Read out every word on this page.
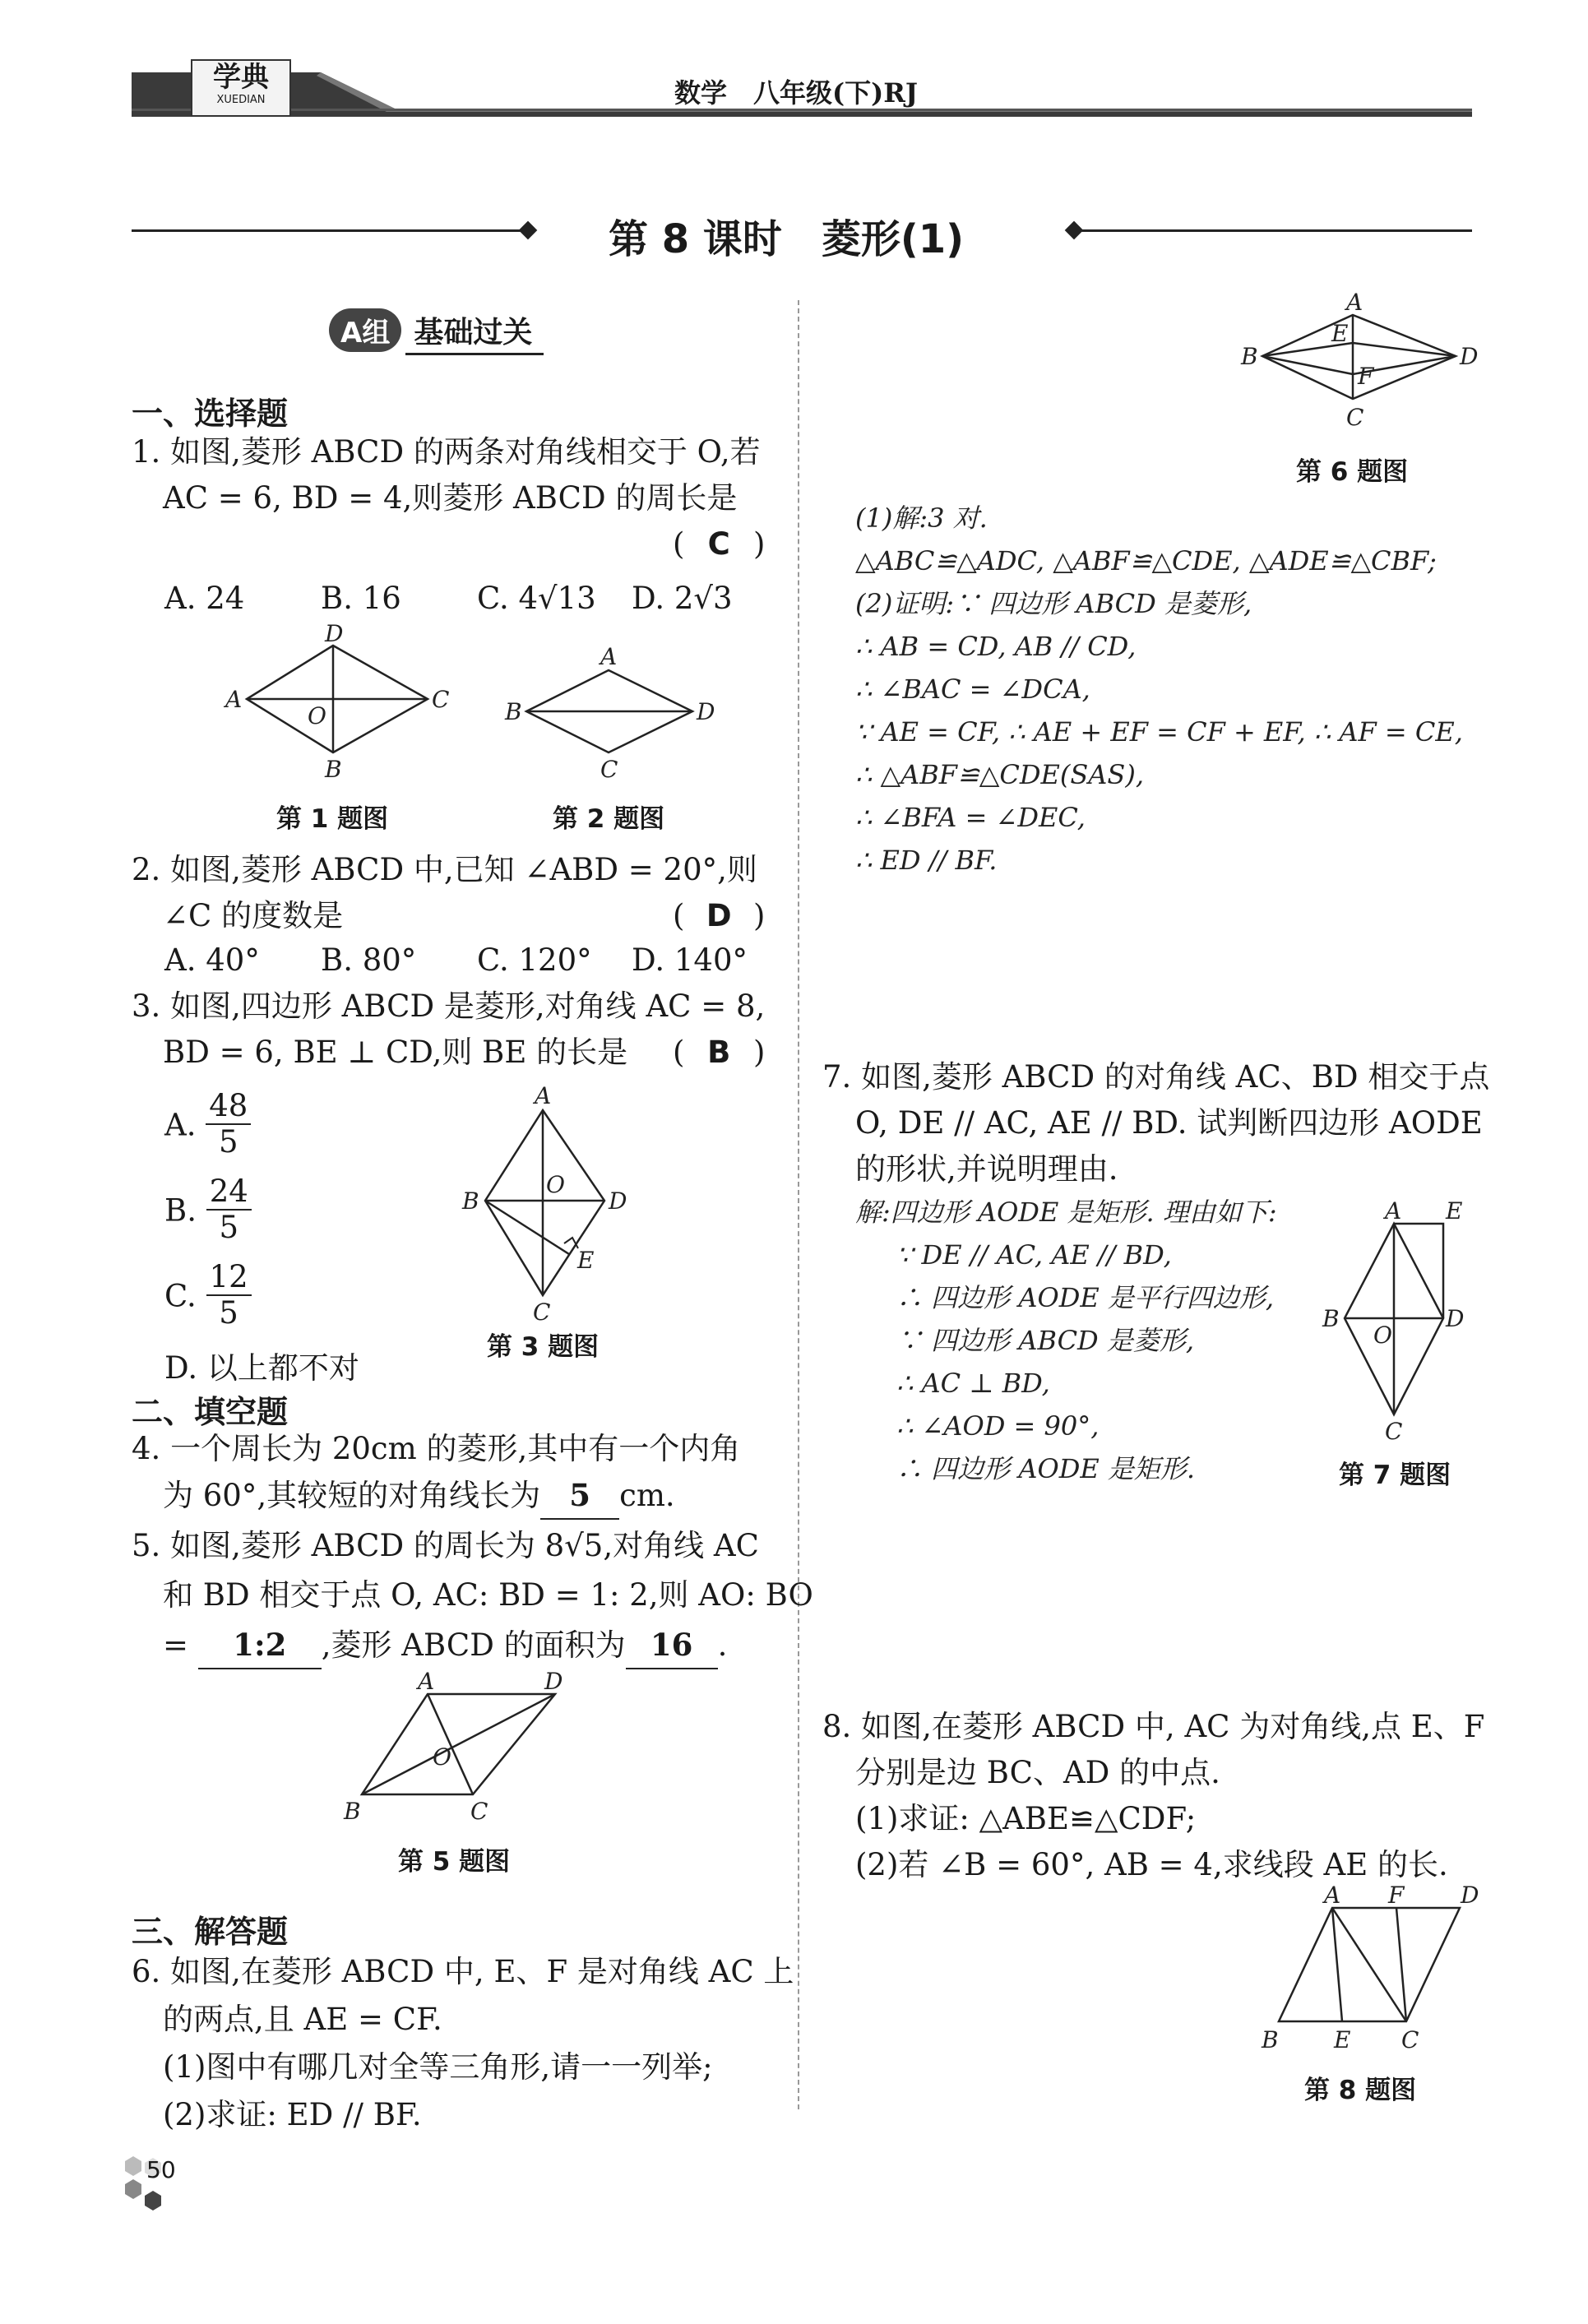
学典
XUEDIAN	数学　八年级(下)RJ
第 8 课时　菱形(1)
A组 基础过关
一、选择题
1. 如图,菱形 ABCD 的两条对角线相交于 O,若
AC = 6, BD = 4,则菱形 ABCD 的周长是
( C )
A. 24	B. 16 C. 4√13 D. 2√3
D
C
A
B
O
第 1 题图
A
D
B
C
第 2 题图
2. 如图,菱形 ABCD 中,已知 ∠ABD = 20°,则
∠C 的度数是	( D )
A. 40° B. 80° C. 120° D. 140°
3. 如图,四边形 ABCD 是菱形,对角线 AC = 8,
BD = 6, BE ⊥ CD,则 BE 的长是 ( B )
A. $\frac{48}{5}$
B. $\frac{24}{5}$
C. $\frac{12}{5}$
D. 以上都不对
A
B	D
O
E
C
第 3 题图
二、填空题
4. 一个周长为 20cm 的菱形,其中有一个内角
为 60°,其较短的对角线长为 5 cm.
5. 如图,菱形 ABCD 的周长为 8√5,对角线 AC
和 BD 相交于点 O, AC: BD = 1: 2,则 AO: BO
= 1:2 ,菱形 ABCD 的面积为 16 .
A	D
B	C
O
第 5 题图
三、解答题
6. 如图,在菱形 ABCD 中, E、F 是对角线 AC 上
的两点,且 AE = CF.
(1)图中有哪几对全等三角形,请一一列举;
(2)求证: ED // BF.
50
A
B	D
E
F
C
第 6 题图
(1)解:3 对.
△ABC≌△ADC, △ABF≌△CDE, △ADE≌△CBF;
(2)证明:∵ 四边形 ABCD 是菱形,
∴ AB = CD, AB // CD,
∴ ∠BAC = ∠DCA,
∵ AE = CF, ∴ AE + EF = CF + EF, ∴ AF = CE,
∴ △ABF≌△CDE(SAS),
∴ ∠BFA = ∠DEC,
∴ ED // BF.
7. 如图,菱形 ABCD 的对角线 AC、BD 相交于点
O, DE // AC, AE // BD. 试判断四边形 AODE
的形状,并说明理由.
解:四边形 AODE 是矩形. 理由如下:
∵ DE // AC, AE // BD,
∴ 四边形 AODE 是平行四边形,
∵ 四边形 ABCD 是菱形,
∴ AC ⊥ BD,
∴ ∠AOD = 90°,
∴ 四边形 AODE 是矩形.
A E
B	D
O
C
第 7 题图
8. 如图,在菱形 ABCD 中, AC 为对角线,点 E、F
分别是边 BC、AD 的中点.
(1)求证: △ABE≌△CDF;
(2)若 ∠B = 60°, AB = 4,求线段 AE 的长.
A F D
B E C
第 8 题图
